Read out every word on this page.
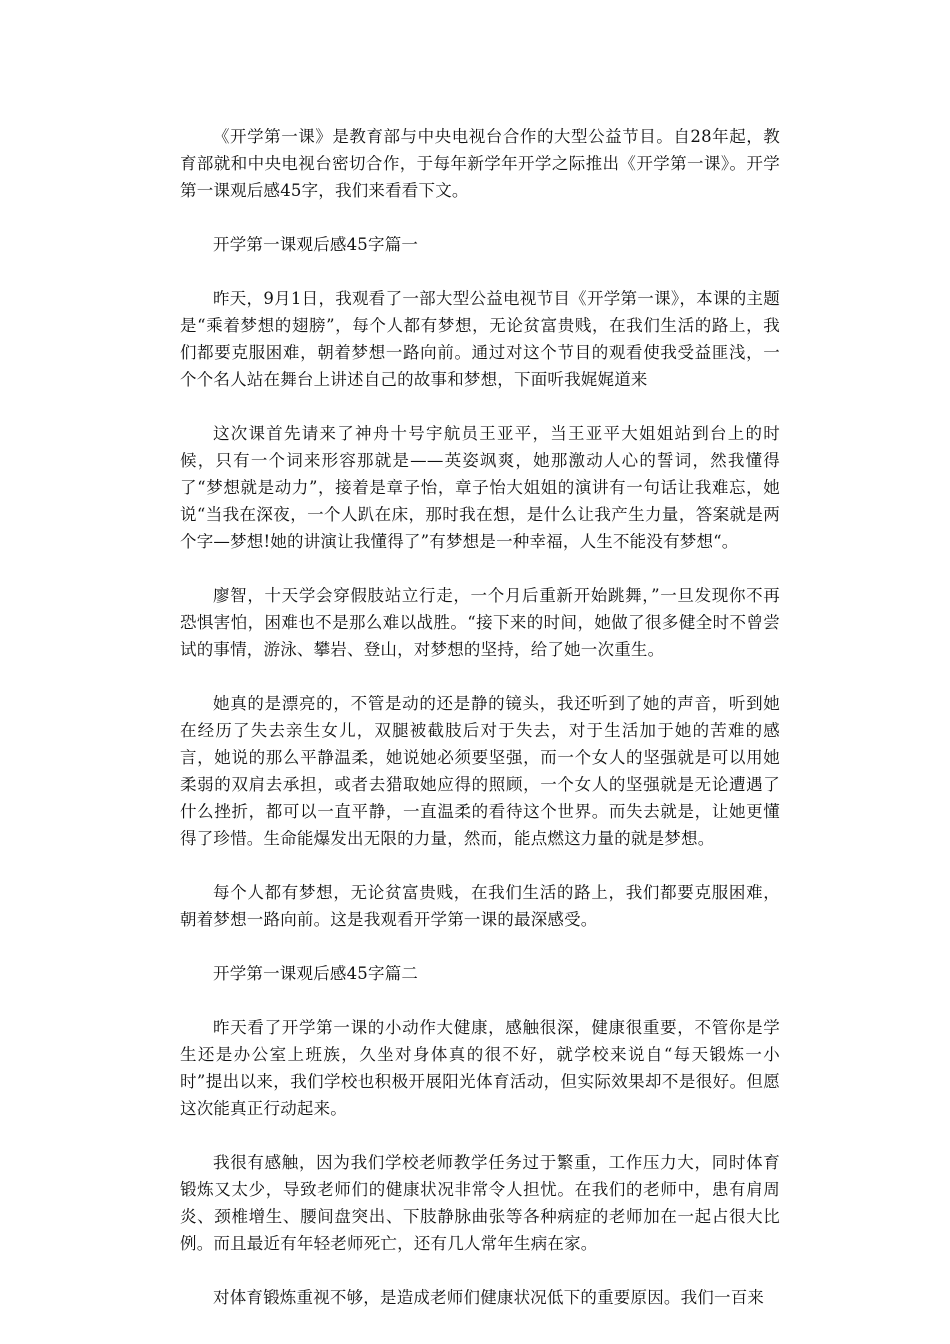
《开学第一课》是教育部与中央电视台合作的大型公益节目。自28年起，教育部就和中央电视台密切合作，于每年新学年开学之际推出《开学第一课》。开学第一课观后感45字，我们来看看下文。

开学第一课观后感45字篇一

昨天，9月1日，我观看了一部大型公益电视节目《开学第一课》，本课的主题是“乘着梦想的翅膀”，每个人都有梦想，无论贫富贵贱，在我们生活的路上，我们都要克服困难，朝着梦想一路向前。通过对这个节目的观看使我受益匪浅，一个个名人站在舞台上讲述自己的故事和梦想，下面听我娓娓道来

这次课首先请来了神舟十号宇航员王亚平，当王亚平大姐姐站到台上的时候，只有一个词来形容那就是——英姿飒爽，她那激动人心的誓词，然我懂得了“梦想就是动力”，接着是章子怡，章子怡大姐姐的演讲有一句话让我难忘，她说“当我在深夜，一个人趴在床，那时我在想，是什么让我产生力量，答案就是两个字—梦想!她的讲演让我懂得了”有梦想是一种幸福，人生不能没有梦想“。

廖智，十天学会穿假肢站立行走，一个月后重新开始跳舞，”一旦发现你不再恐惧害怕，困难也不是那么难以战胜。“接下来的时间，她做了很多健全时不曾尝试的事情，游泳、攀岩、登山，对梦想的坚持，给了她一次重生。

她真的是漂亮的，不管是动的还是静的镜头，我还听到了她的声音，听到她在经历了失去亲生女儿，双腿被截肢后对于失去，对于生活加于她的苦难的感言，她说的那么平静温柔，她说她必须要坚强，而一个女人的坚强就是可以用她柔弱的双肩去承担，或者去猎取她应得的照顾，一个女人的坚强就是无论遭遇了什么挫折，都可以一直平静，一直温柔的看待这个世界。而失去就是，让她更懂得了珍惜。生命能爆发出无限的力量，然而，能点燃这力量的就是梦想。

每个人都有梦想，无论贫富贵贱，在我们生活的路上，我们都要克服困难，朝着梦想一路向前。这是我观看开学第一课的最深感受。

开学第一课观后感45字篇二

昨天看了开学第一课的小动作大健康，感触很深，健康很重要，不管你是学生还是办公室上班族，久坐对身体真的很不好，就学校来说自“每天锻炼一小时”提出以来，我们学校也积极开展阳光体育活动，但实际效果却不是很好。但愿这次能真正行动起来。

我很有感触，因为我们学校老师教学任务过于繁重，工作压力大，同时体育锻炼又太少，导致老师们的健康状况非常令人担忧。在我们的老师中，患有肩周炎、颈椎增生、腰间盘突出、下肢静脉曲张等各种病症的老师加在一起占很大比例。而且最近有年轻老师死亡，还有几人常年生病在家。

对体育锻炼重视不够，是造成老师们健康状况低下的重要原因。我们一百来
